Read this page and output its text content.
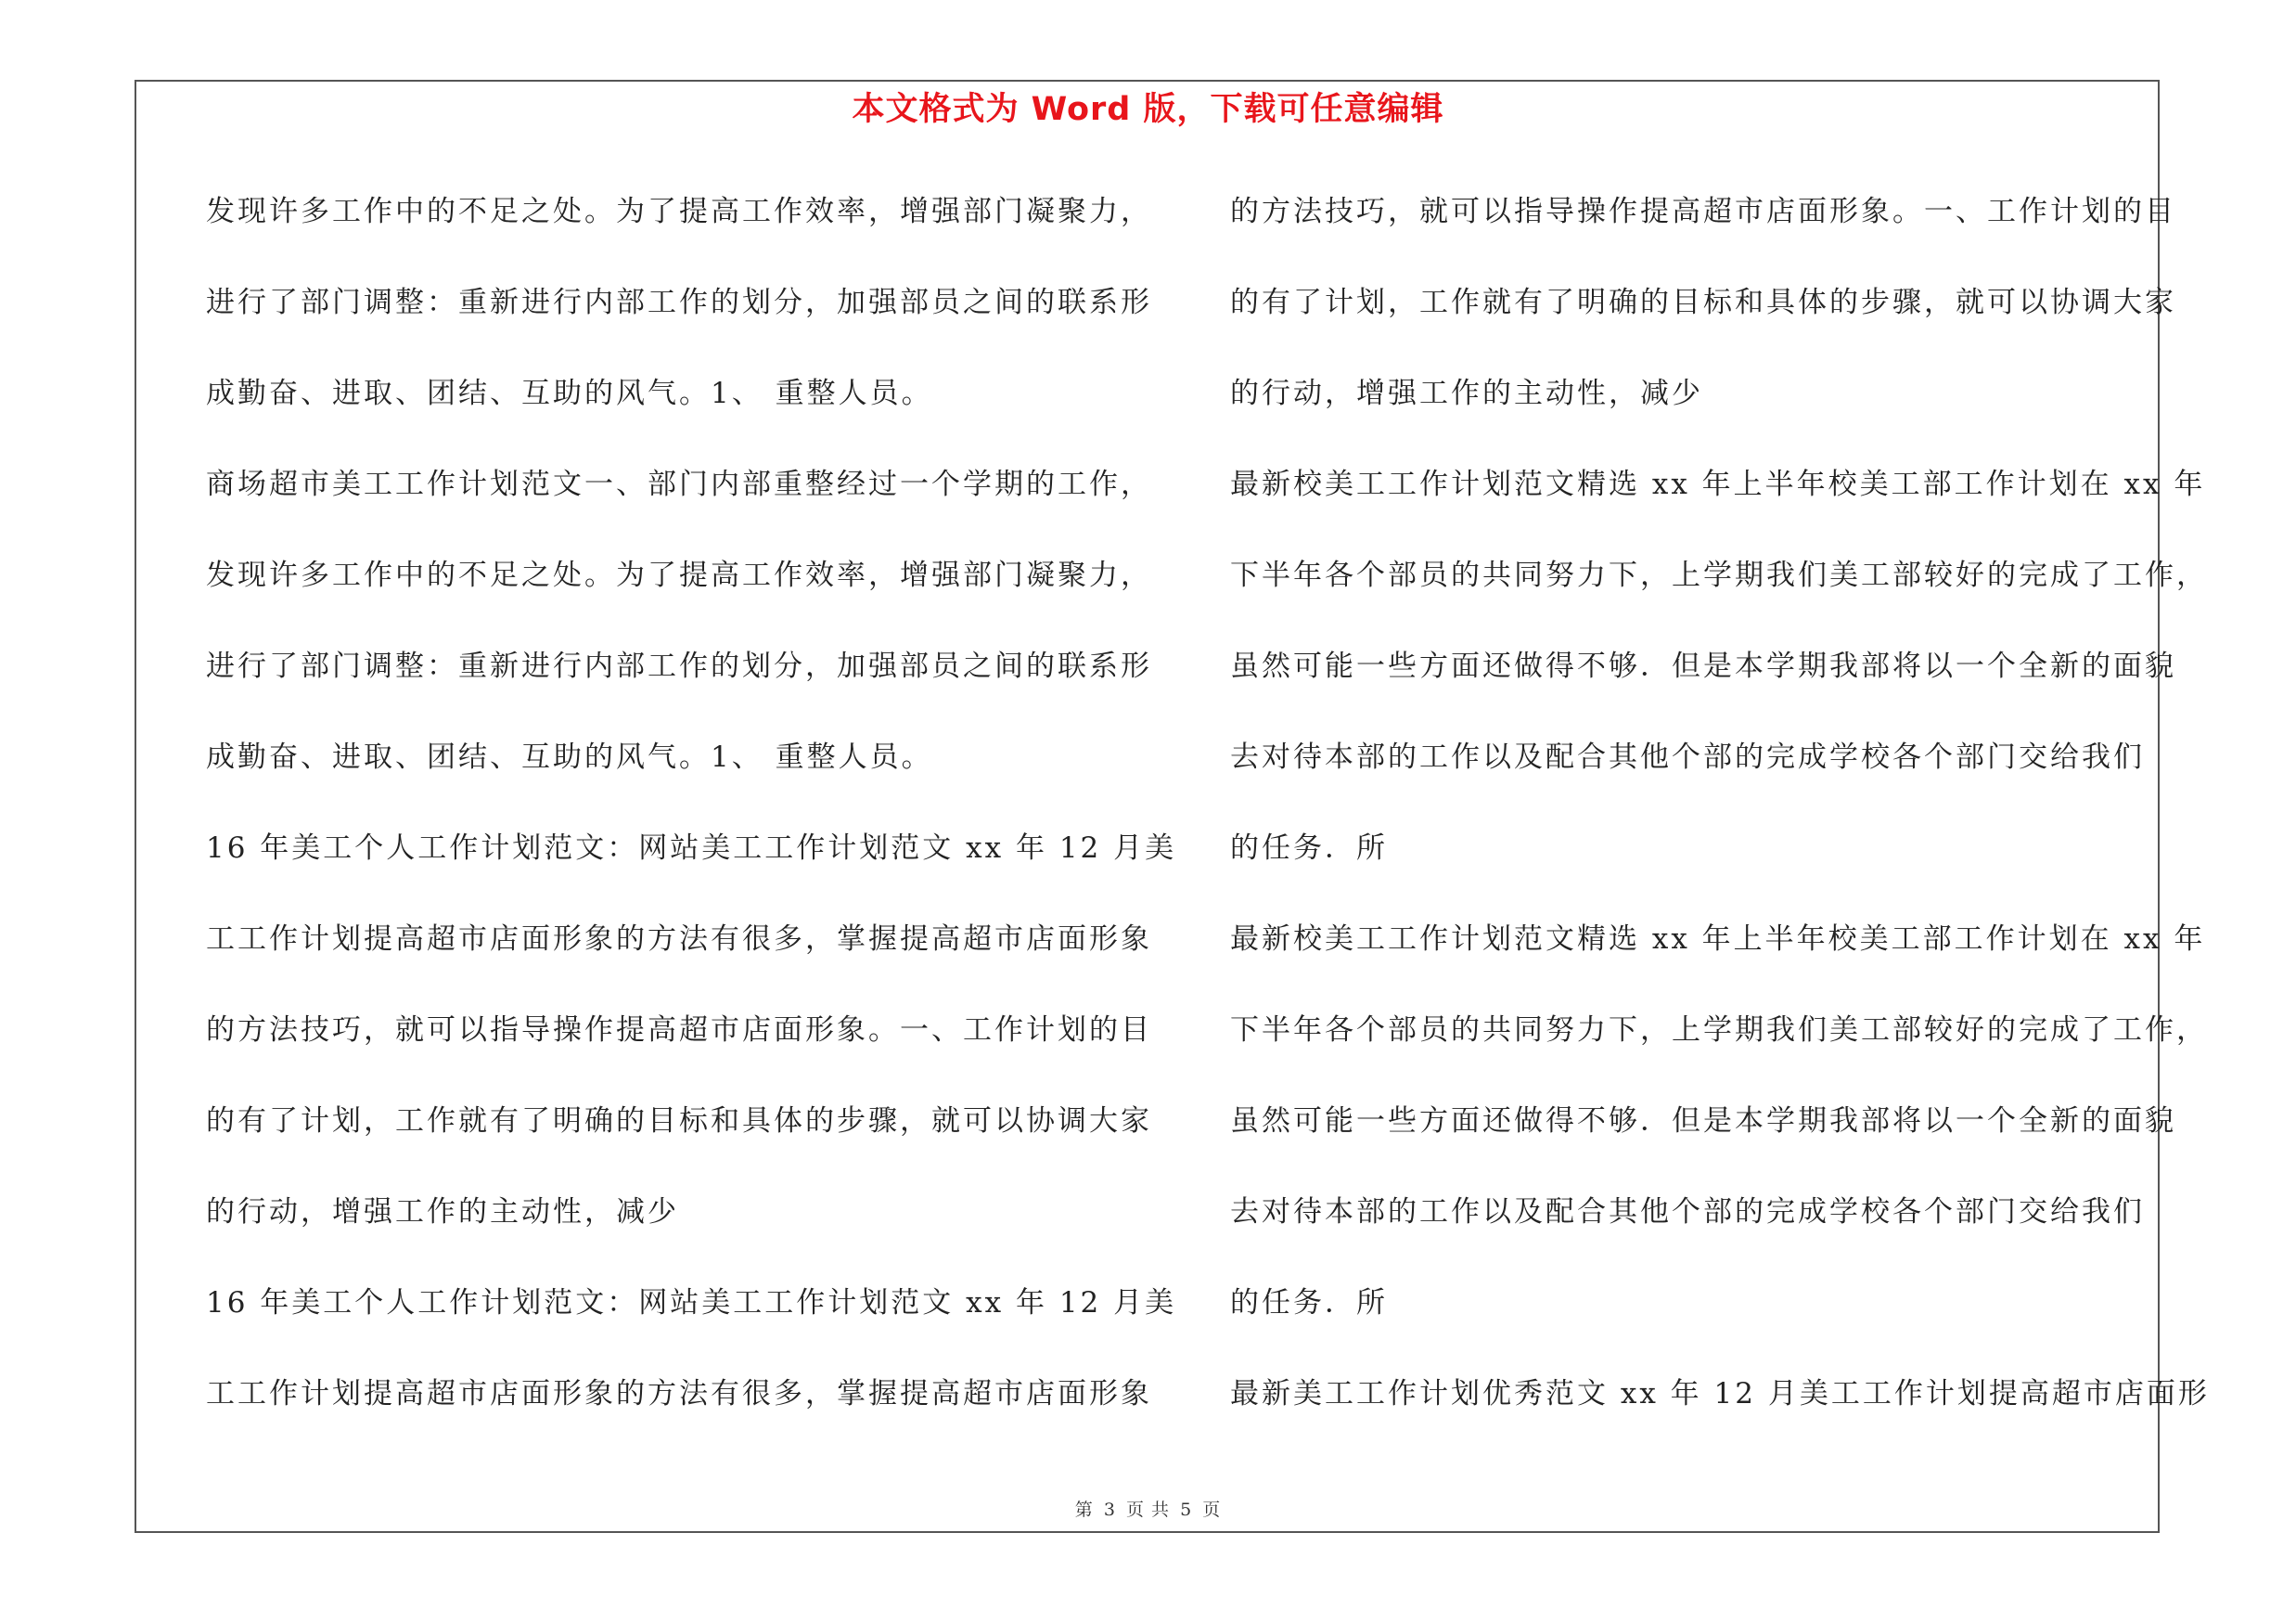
本文格式为 Word 版，下载可任意编辑
发现许多工作中的不足之处。为了提高工作效率，增强部门凝聚力，
进行了部门调整：重新进行内部工作的划分，加强部员之间的联系形
成勤奋、进取、团结、互助的风气。1、 重整人员。
商场超市美工工作计划范文一、部门内部重整经过一个学期的工作，
发现许多工作中的不足之处。为了提高工作效率，增强部门凝聚力，
进行了部门调整：重新进行内部工作的划分，加强部员之间的联系形
成勤奋、进取、团结、互助的风气。1、 重整人员。
16 年美工个人工作计划范文：网站美工工作计划范文 xx 年 12 月美
工工作计划提高超市店面形象的方法有很多，掌握提高超市店面形象
的方法技巧，就可以指导操作提高超市店面形象。一、工作计划的目
的有了计划，工作就有了明确的目标和具体的步骤，就可以协调大家
的行动，增强工作的主动性，减少
16 年美工个人工作计划范文：网站美工工作计划范文 xx 年 12 月美
工工作计划提高超市店面形象的方法有很多，掌握提高超市店面形象
的方法技巧，就可以指导操作提高超市店面形象。一、工作计划的目
的有了计划，工作就有了明确的目标和具体的步骤，就可以协调大家
的行动，增强工作的主动性，减少
最新校美工工作计划范文精选 xx 年上半年校美工部工作计划在 xx 年
下半年各个部员的共同努力下，上学期我们美工部较好的完成了工作，
虽然可能一些方面还做得不够．但是本学期我部将以一个全新的面貌
去对待本部的工作以及配合其他个部的完成学校各个部门交给我们
的任务．所
最新校美工工作计划范文精选 xx 年上半年校美工部工作计划在 xx 年
下半年各个部员的共同努力下，上学期我们美工部较好的完成了工作，
虽然可能一些方面还做得不够．但是本学期我部将以一个全新的面貌
去对待本部的工作以及配合其他个部的完成学校各个部门交给我们
的任务．所
最新美工工作计划优秀范文 xx 年 12 月美工工作计划提高超市店面形
第 3 页 共 5 页
